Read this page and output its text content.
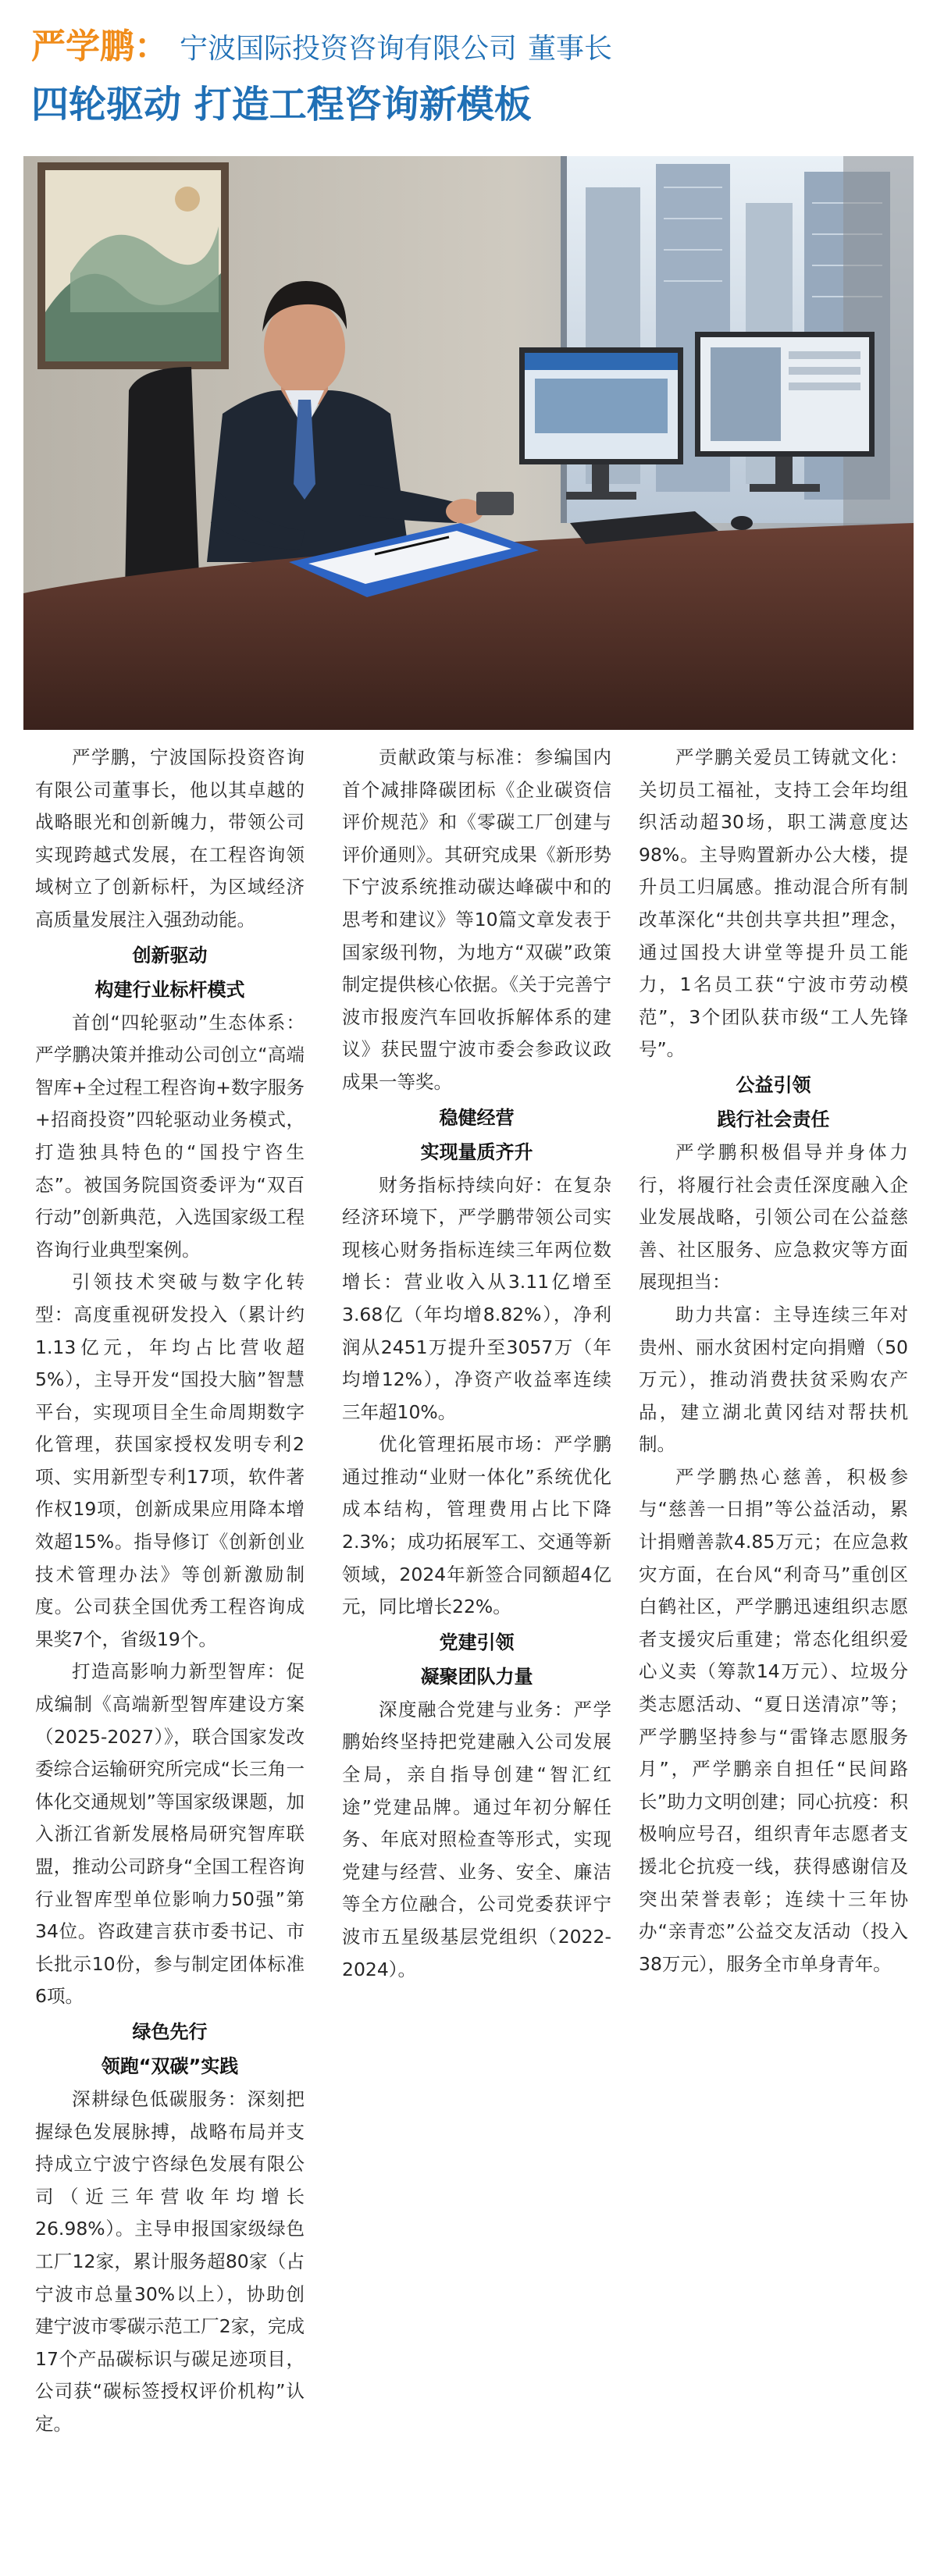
严学鹏： 宁波国际投资咨询有限公司 董事长
四轮驱动 打造工程咨询新模板

严学鹏，宁波国际投资咨询有限公司董事长，他以其卓越的战略眼光和创新魄力，带领公司实现跨越式发展，在工程咨询领域树立了创新标杆，为区域经济高质量发展注入强劲动能。

创新驱动
构建行业标杆模式

首创“四轮驱动”生态体系：严学鹏决策并推动公司创立“高端智库+全过程工程咨询+数字服务+招商投资”四轮驱动业务模式，打造独具特色的“国投宁咨生态”。被国务院国资委评为“双百行动”创新典范，入选国家级工程咨询行业典型案例。

引领技术突破与数字化转型：高度重视研发投入（累计约1.13亿元，年均占比营收超5%），主导开发“国投大脑”智慧平台，实现项目全生命周期数字化管理，获国家授权发明专利2项、实用新型专利17项，软件著作权19项，创新成果应用降本增效超15%。指导修订《创新创业技术管理办法》等创新激励制度。公司获全国优秀工程咨询成果奖7个，省级19个。

打造高影响力新型智库：促成编制《高端新型智库建设方案（2025-2027）》，联合国家发改委综合运输研究所完成“长三角一体化交通规划”等国家级课题，加入浙江省新发展格局研究智库联盟，推动公司跻身“全国工程咨询行业智库型单位影响力50强”第34位。咨政建言获市委书记、市长批示10份，参与制定团体标准6项。

绿色先行
领跑“双碳”实践

深耕绿色低碳服务：深刻把握绿色发展脉搏，战略布局并支持成立宁波宁咨绿色发展有限公司（近三年营收年均增长26.98%）。主导申报国家级绿色工厂12家，累计服务超80家（占宁波市总量30%以上），协助创建宁波市零碳示范工厂2家，完成17个产品碳标识与碳足迹项目，公司获“碳标签授权评价机构”认定。

贡献政策与标准：参编国内首个减排降碳团标《企业碳资信评价规范》和《零碳工厂创建与评价通则》。其研究成果《新形势下宁波系统推动碳达峰碳中和的思考和建议》等10篇文章发表于国家级刊物，为地方“双碳”政策制定提供核心依据。《关于完善宁波市报废汽车回收拆解体系的建议》获民盟宁波市委会参政议政成果一等奖。

稳健经营
实现量质齐升

财务指标持续向好：在复杂经济环境下，严学鹏带领公司实现核心财务指标连续三年两位数增长：营业收入从3.11亿增至3.68亿（年均增8.82%），净利润从2451万提升至3057万（年均增12%），净资产收益率连续三年超10%。

优化管理拓展市场：严学鹏通过推动“业财一体化”系统优化成本结构，管理费用占比下降2.3%；成功拓展军工、交通等新领域，2024年新签合同额超4亿元，同比增长22%。

党建引领
凝聚团队力量

深度融合党建与业务：严学鹏始终坚持把党建融入公司发展全局，亲自指导创建“智汇红途”党建品牌。通过年初分解任务、年底对照检查等形式，实现党建与经营、业务、安全、廉洁等全方位融合，公司党委获评宁波市五星级基层党组织（2022-2024）。

严学鹏关爱员工铸就文化：关切员工福祉，支持工会年均组织活动超30场，职工满意度达98%。主导购置新办公大楼，提升员工归属感。推动混合所有制改革深化“共创共享共担”理念，通过国投大讲堂等提升员工能力，1名员工获“宁波市劳动模范”，3个团队获市级“工人先锋号”。

公益引领
践行社会责任

严学鹏积极倡导并身体力行，将履行社会责任深度融入企业发展战略，引领公司在公益慈善、社区服务、应急救灾等方面展现担当：

助力共富：主导连续三年对贵州、丽水贫困村定向捐赠（50万元），推动消费扶贫采购农产品，建立湖北黄冈结对帮扶机制。

严学鹏热心慈善，积极参与“慈善一日捐”等公益活动，累计捐赠善款4.85万元；在应急救灾方面，在台风“利奇马”重创区白鹤社区，严学鹏迅速组织志愿者支援灾后重建；常态化组织爱心义卖（筹款14万元）、垃圾分类志愿活动、“夏日送清凉”等；严学鹏坚持参与“雷锋志愿服务月”，严学鹏亲自担任“民间路长”助力文明创建；同心抗疫：积极响应号召，组织青年志愿者支援北仑抗疫一线，获得感谢信及突出荣誉表彰；连续十三年协办“亲青恋”公益交友活动（投入38万元），服务全市单身青年。
